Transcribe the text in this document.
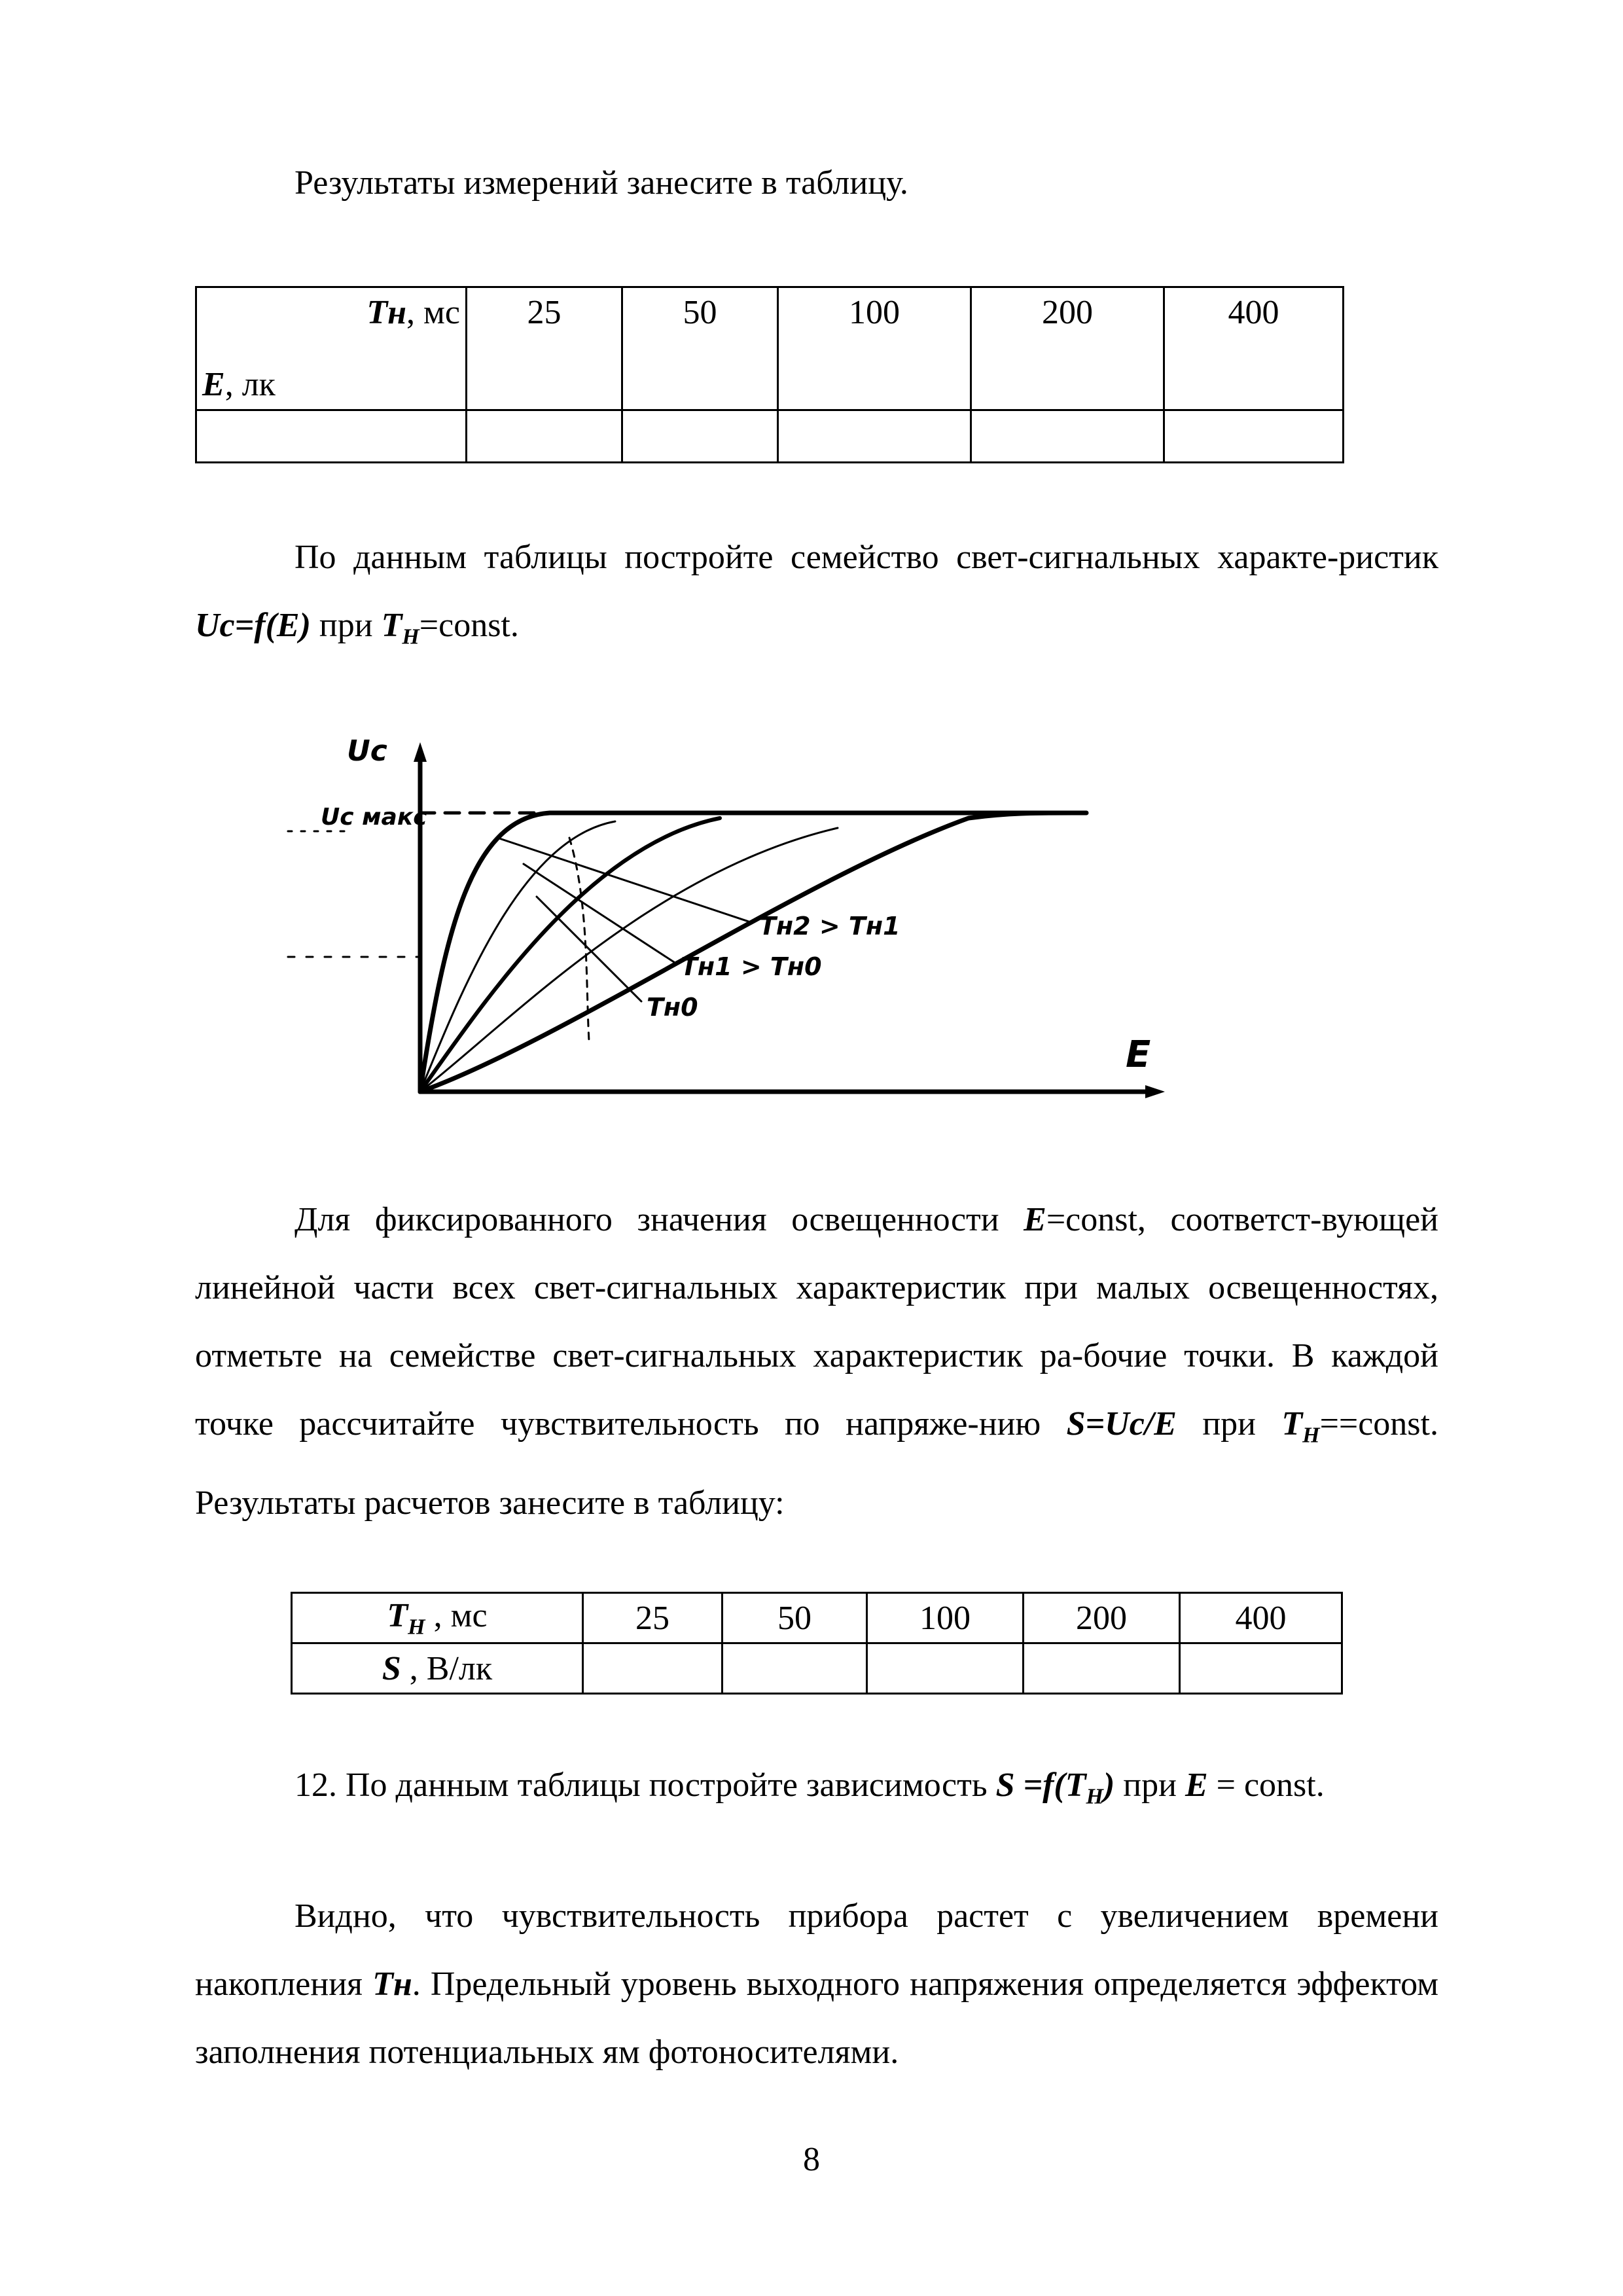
Результаты измерений занесите в таблицу.
Тн, мс
E, лк	25	50	100	200	400

По данным таблицы постройте семейство свет-сигнальных характе-ристик Uc=f(E) при $T_H=const$.
Uc
Uc макс
E
Тн2 > Тн1
Тн1 > Тн0
Тн0
Для фиксированного значения освещенности E=const, соответст-вующей линейной части всех свет-сигнальных характеристик при малых освещенностях, отметьте на семействе свет-сигнальных характеристик ра-бочие точки. В каждой точке рассчитайте чувствительность по напряже-нию S=Uc/E при $T_H==const$. Результаты расчетов занесите в таблицу:
$T_H$ , мс	25	50	100	200	400
S , В/лк					
12. По данным таблицы постройте зависимость $S =f(T_H)$ при E = const.
Видно, что чувствительность прибора растет с увеличением времени накопления Тн. Предельный уровень выходного напряжения определяется эффектом заполнения потенциальных ям фотоносителями.
8
